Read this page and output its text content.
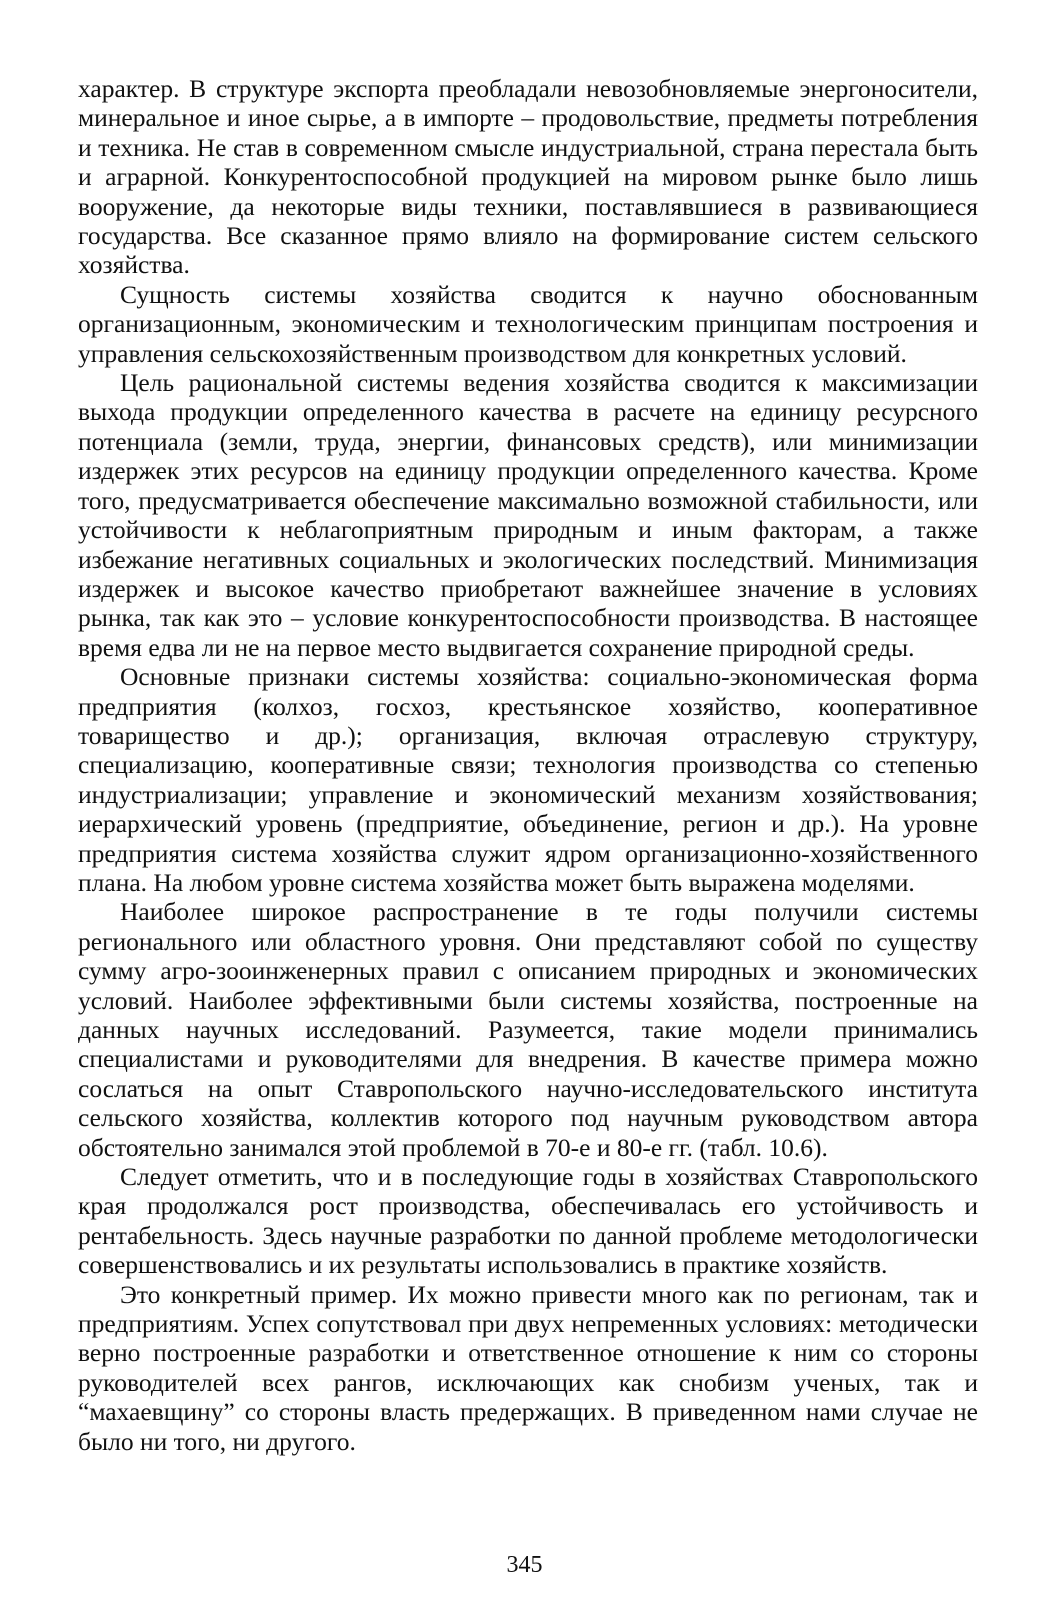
характер. В структуре экспорта преобладали невозобновляемые энергоносители, минеральное и иное сырье, а в импорте – продовольствие, предметы потребления и техника. Не став в современном смысле индустриальной, страна перестала быть и аграрной. Конкурентоспособной продукцией на мировом рынке было лишь вооружение, да некоторые виды техники, поставлявшиеся в развивающиеся государства. Все сказанное прямо влияло на формирование систем сельского хозяйства.

Сущность системы хозяйства сводится к научно обоснованным организационным, экономическим и технологическим принципам построения и управления сельскохозяйственным производством для конкретных условий.

Цель рациональной системы ведения хозяйства сводится к максимизации выхода продукции определенного качества в расчете на единицу ресурсного потенциала (земли, труда, энергии, финансовых средств), или минимизации издержек этих ресурсов на единицу продукции определенного качества. Кроме того, предусматривается обеспечение максимально возможной стабильности, или устойчивости к неблагоприятным природным и иным факторам, а также избежание негативных социальных и экологических последствий. Минимизация издержек и высокое качество приобретают важнейшее значение в условиях рынка, так как это – условие конкурентоспособности производства. В настоящее время едва ли не на первое место выдвигается сохранение природной среды.

Основные признаки системы хозяйства: социально-экономическая форма предприятия (колхоз, госхоз, крестьянское хозяйство, кооперативное товарищество и др.); организация, включая отраслевую структуру, специализацию, кооперативные связи; технология производства со степенью индустриализации; управление и экономический механизм хозяйствования; иерархический уровень (предприятие, объединение, регион и др.). На уровне предприятия система хозяйства служит ядром организационно-хозяйственного плана. На любом уровне система хозяйства может быть выражена моделями.

Наиболее широкое распространение в те годы получили системы регионального или областного уровня. Они представляют собой по существу сумму агро-зооинженерных правил с описанием природных и экономических условий. Наиболее эффективными были системы хозяйства, построенные на данных научных исследований. Разумеется, такие модели принимались специалистами и руководителями для внедрения. В качестве примера можно сослаться на опыт Ставропольского научно-исследовательского института сельского хозяйства, коллектив которого под научным руководством автора обстоятельно занимался этой проблемой в 70-е и 80-е гг. (табл. 10.6).

Следует отметить, что и в последующие годы в хозяйствах Ставропольского края продолжался рост производства, обеспечивалась его устойчивость и рентабельность. Здесь научные разработки по данной проблеме методологически совершенствовались и их результаты использовались в практике хозяйств.

Это конкретный пример. Их можно привести много как по регионам, так и предприятиям. Успех сопутствовал при двух непременных условиях: методически верно построенные разработки и ответственное отношение к ним со стороны руководителей всех рангов, исключающих как снобизм ученых, так и “махаевщину” со стороны власть предержащих. В приведенном нами случае не было ни того, ни другого.

345
